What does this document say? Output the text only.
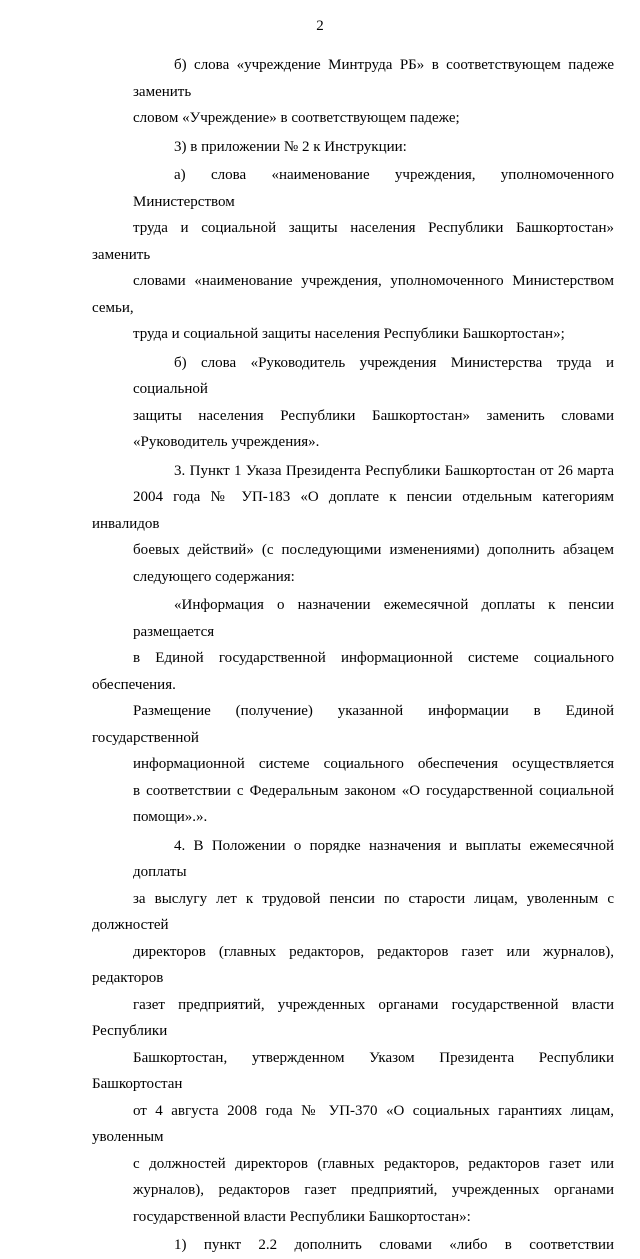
2
б) слова «учреждение Минтруда РБ» в соответствующем падеже заменить
словом «Учреждение» в соответствующем падеже;
3) в приложении № 2 к Инструкции:
а) слова «наименование учреждения, уполномоченного Министерством
труда и социальной защиты населения Республики Башкортостан» заменить
словами «наименование учреждения, уполномоченного Министерством семьи,
труда и социальной защиты населения Республики Башкортостан»;
б) слова «Руководитель учреждения Министерства труда и социальной
защиты населения Республики Башкортостан» заменить словами
«Руководитель учреждения».
3. Пункт 1 Указа Президента Республики Башкортостан от 26 марта
2004 года № УП-183 «О доплате к пенсии отдельным категориям инвалидов
боевых действий» (с последующими изменениями) дополнить абзацем
следующего содержания:
«Информация о назначении ежемесячной доплаты к пенсии размещается
в Единой государственной информационной системе социального обеспечения.
Размещение (получение) указанной информации в Единой государственной
информационной системе социального обеспечения осуществляется
в соответствии с Федеральным законом «О государственной социальной
помощи».».
4. В Положении о порядке назначения и выплаты ежемесячной доплаты
за выслугу лет к трудовой пенсии по старости лицам, уволенным с должностей
директоров (главных редакторов, редакторов газет или журналов), редакторов
газет предприятий, учрежденных органами государственной власти Республики
Башкортостан, утвержденном Указом Президента Республики Башкортостан
от 4 августа 2008 года № УП-370 «О социальных гарантиях лицам, уволенным
с должностей директоров (главных редакторов, редакторов газет или
журналов), редакторов газет предприятий, учрежденных органами
государственной власти Республики Башкортостан»:
1) пункт 2.2 дополнить словами «либо в соответствии
